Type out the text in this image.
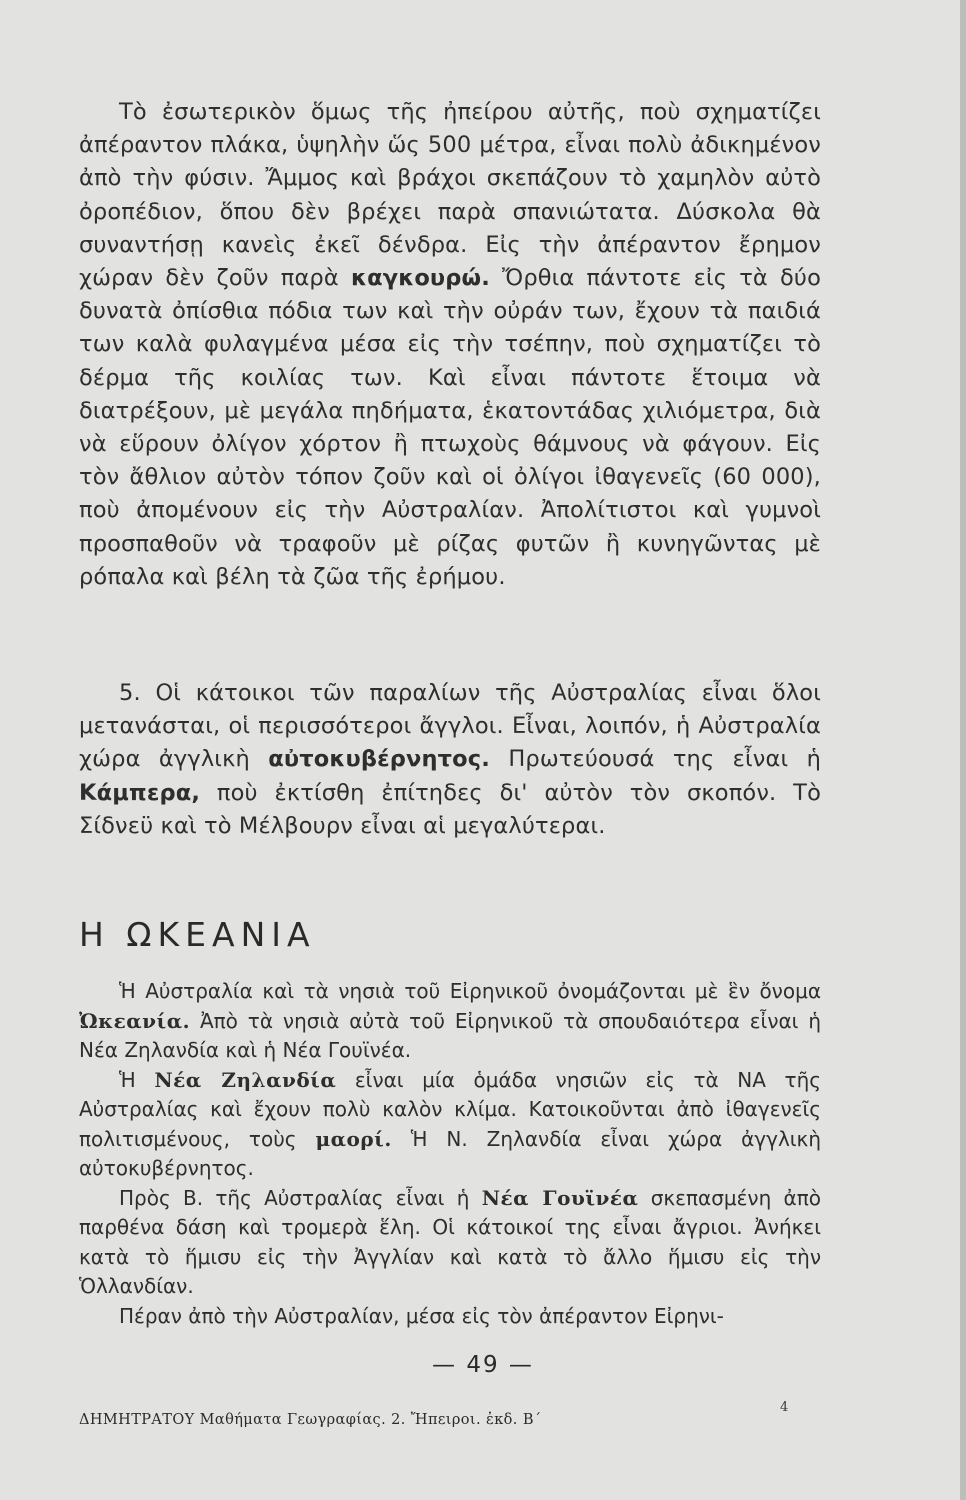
Τὸ ἐσωτερικὸν ὅμως τῆς ἠπείρου αὐτῆς, ποὺ σχηματίζει ἀπέραντον πλάκα, ὑψηλὴν ὥς 500 μέτρα, εἶναι πολὺ ἀδικημένον ἀπὸ τὴν φύσιν. Ἄμμος καὶ βράχοι σκεπάζουν τὸ χαμηλὸν αὐτὸ ὀροπέδιον, ὅπου δὲν βρέχει παρὰ σπανιώτατα. Δύσκολα θὰ συναντήσῃ κανεὶς ἐκεῖ δένδρα. Εἰς τὴν ἀπέραντον ἔρημον χώραν δὲν ζοῦν παρὰ καγκουρώ. Ὄρθια πάντοτε εἰς τὰ δύο δυνατὰ ὀπίσθια πόδια των καὶ τὴν οὐράν των, ἔχουν τὰ παιδιά των καλὰ φυλαγμένα μέσα εἰς τὴν τσέπην, ποὺ σχηματίζει τὸ δέρμα τῆς κοιλίας των. Καὶ εἶναι πάντοτε ἕτοιμα νὰ διατρέξουν, μὲ μεγάλα πηδήματα, ἑκατοντάδας χιλιόμετρα, διὰ νὰ εὕρουν ὀλίγον χόρτον ἢ πτωχοὺς θάμνους νὰ φάγουν. Εἰς τὸν ἄθλιον αὐτὸν τόπον ζοῦν καὶ οἱ ὀλίγοι ἰθαγενεῖς (60 000), ποὺ ἀπομένουν εἰς τὴν Αὐστραλίαν. Ἀπολίτιστοι καὶ γυμνοὶ προσπαθοῦν νὰ τραφοῦν μὲ ρίζας φυτῶν ἢ κυνηγῶντας μὲ ρόπαλα καὶ βέλη τὰ ζῶα τῆς ἐρήμου.

5. Οἱ κάτοικοι τῶν παραλίων τῆς Αὐστραλίας εἶναι ὅλοι μετανάσται, οἱ περισσότεροι ἄγγλοι. Εἶναι, λοιπόν, ἡ Αὐστραλία χώρα ἀγγλικὴ αὐτοκυβέρνητος. Πρωτεύουσά της εἶναι ἡ Κάμπερα, ποὺ ἐκτίσθη ἐπίτηδες δι' αὐτὸν τὸν σκοπόν. Τὸ Σίδνεϋ καὶ τὸ Μέλβουρν εἶναι αἱ μεγαλύτεραι.

Η ΩΚΕΑΝΙΑ

Ἡ Αὐστραλία καὶ τὰ νησιὰ τοῦ Εἰρηνικοῦ ὀνομάζονται μὲ ἓν ὄνομα Ὠκεανία. Ἀπὸ τὰ νησιὰ αὐτὰ τοῦ Εἰρηνικοῦ τὰ σπουδαιότερα εἶναι ἡ Νέα Ζηλανδία καὶ ἡ Νέα Γουϊνέα.

Ἡ Νέα Ζηλανδία εἶναι μία ὁμάδα νησιῶν εἰς τὰ ΝΑ τῆς Αὐστραλίας καὶ ἔχουν πολὺ καλὸν κλίμα. Κατοικοῦνται ἀπὸ ἰθαγενεῖς πολιτισμένους, τοὺς μαορί. Ἡ Ν. Ζηλανδία εἶναι χώρα ἀγγλικὴ αὐτοκυβέρνητος.

Πρὸς Β. τῆς Αὐστραλίας εἶναι ἡ Νέα Γουϊνέα σκεπασμένη ἀπὸ παρθένα δάση καὶ τρομερὰ ἕλη. Οἱ κάτοικοί της εἶναι ἄγριοι. Ἀνήκει κατὰ τὸ ἥμισυ εἰς τὴν Ἀγγλίαν καὶ κατὰ τὸ ἄλλο ἥμισυ εἰς τὴν Ὁλλανδίαν.

Πέραν ἀπὸ τὴν Αὐστραλίαν, μέσα εἰς τὸν ἀπέραντον Εἰρηνι-

— 49 —
ΔΗΜΗΤΡΑΤΟΥ Μαθήματα Γεωγραφίας. 2. Ἤπειροι. ἐκδ. Β΄
4
